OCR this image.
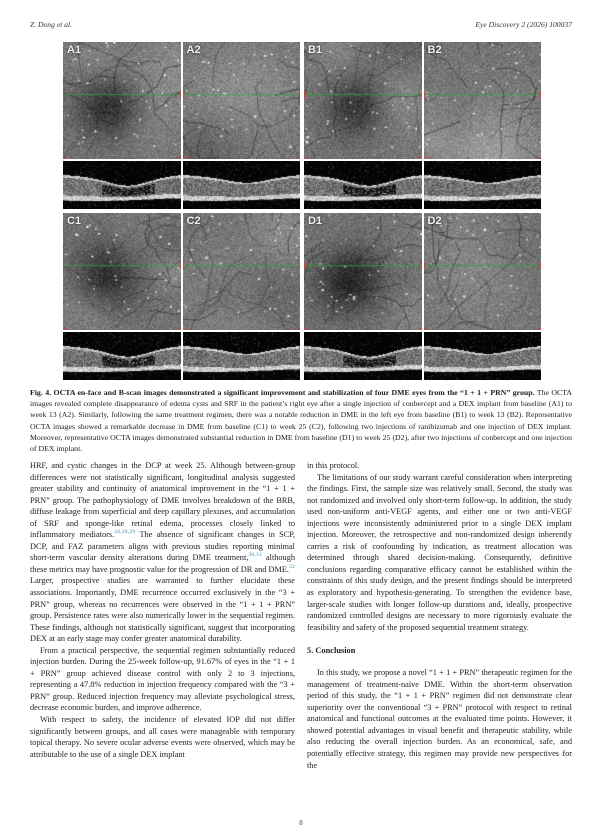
Z. Dong et al.	Eye Discovery 2 (2026) 100037
A1	A2	B1	B2
C1	C2	D1	D2
Fig. 4. OCTA en-face and B-scan images demonstrated a significant improvement and stabilization of four DME eyes from the “1 + 1 + PRN” group. The OCTA images revealed complete disappearance of edema cysts and SRF in the patient’s right eye after a single injection of conbercept and a DEX implant from baseline (A1) to week 13 (A2). Similarly, following the same treatment regimen, there was a notable reduction in DME in the left eye from baseline (B1) to week 13 (B2). Representative OCTA images showed a remarkable decrease in DME from baseline (C1) to week 25 (C2), following two injections of ranibizumab and one injection of DEX implant. Moreover, representative OCTA images demonstrated substantial reduction in DME from baseline (D1) to week 25 (D2), after two injections of conbercept and one injection of DEX implant.

HRF, and cystic changes in the DCP at week 25. Although between-group differences were not statistically significant, longitudinal analysis suggested greater stability and continuity of anatomical improvement in the “1 + 1 + PRN” group. The pathophysiology of DME involves breakdown of the BRB, diffuse leakage from superficial and deep capillary plexuses, and accumulation of SRF and sponge-like retinal edema, processes closely linked to inflammatory mediators.$^{24,28,29}$ The absence of significant changes in SCP, DCP, and FAZ parameters aligns with previous studies reporting minimal short-term vascular density alterations during DME treatment,$^{30,31}$ although these metrics may have prognostic value for the progression of DR and DME.$^{32}$ Larger, prospective studies are warranted to further elucidate these associations. Importantly, DME recurrence occurred exclusively in the “3 + PRN” group, whereas no recurrences were observed in the “1 + 1 + PRN” group. Persistence rates were also numerically lower in the sequential regimen. These findings, although not statistically significant, suggest that incorporating DEX at an early stage may confer greater anatomical durability.

From a practical perspective, the sequential regimen substantially reduced injection burden. During the 25-week follow-up, 91.67% of eyes in the “1 + 1 + PRN” group achieved disease control with only 2 to 3 injections, representing a 47.8% reduction in injection frequency compared with the “3 + PRN” group. Reduced injection frequency may alleviate psychological stress, decrease economic burden, and improve adherence.

With respect to safety, the incidence of elevated IOP did not differ significantly between groups, and all cases were manageable with temporary topical therapy. No severe ocular adverse events were observed, which may be attributable to the use of a single DEX implant

in this protocol.

The limitations of our study warrant careful consideration when interpreting the findings. First, the sample size was relatively small. Second, the study was not randomized and involved only short-term follow-up. In addition, the study used non-uniform anti-VEGF agents, and either one or two anti-VEGF injections were inconsistently administered prior to a single DEX implant injection. Moreover, the retrospective and non-randomized design inherently carries a risk of confounding by indication, as treatment allocation was determined through shared decision-making. Consequently, definitive conclusions regarding comparative efficacy cannot be established within the constraints of this study design, and the present findings should be interpreted as exploratory and hypothesis-generating. To strengthen the evidence base, larger-scale studies with longer follow-up durations and, ideally, prospective randomized controlled designs are necessary to more rigorously evaluate the feasibility and safety of the proposed sequential treatment strategy.

5. Conclusion

In this study, we propose a novel “1 + 1 + PRN” therapeutic regimen for the management of treatment-naïve DME. Within the short-term observation period of this study, the “1 + 1 + PRN” regimen did not demonstrate clear superiority over the conventional “3 + PRN” protocol with respect to retinal anatomical and functional outcomes at the evaluated time points. However, it showed potential advantages in visual benefit and therapeutic stability, while also reducing the overall injection burden. As an economical, safe, and potentially effective strategy, this regimen may provide new perspectives for the

8
